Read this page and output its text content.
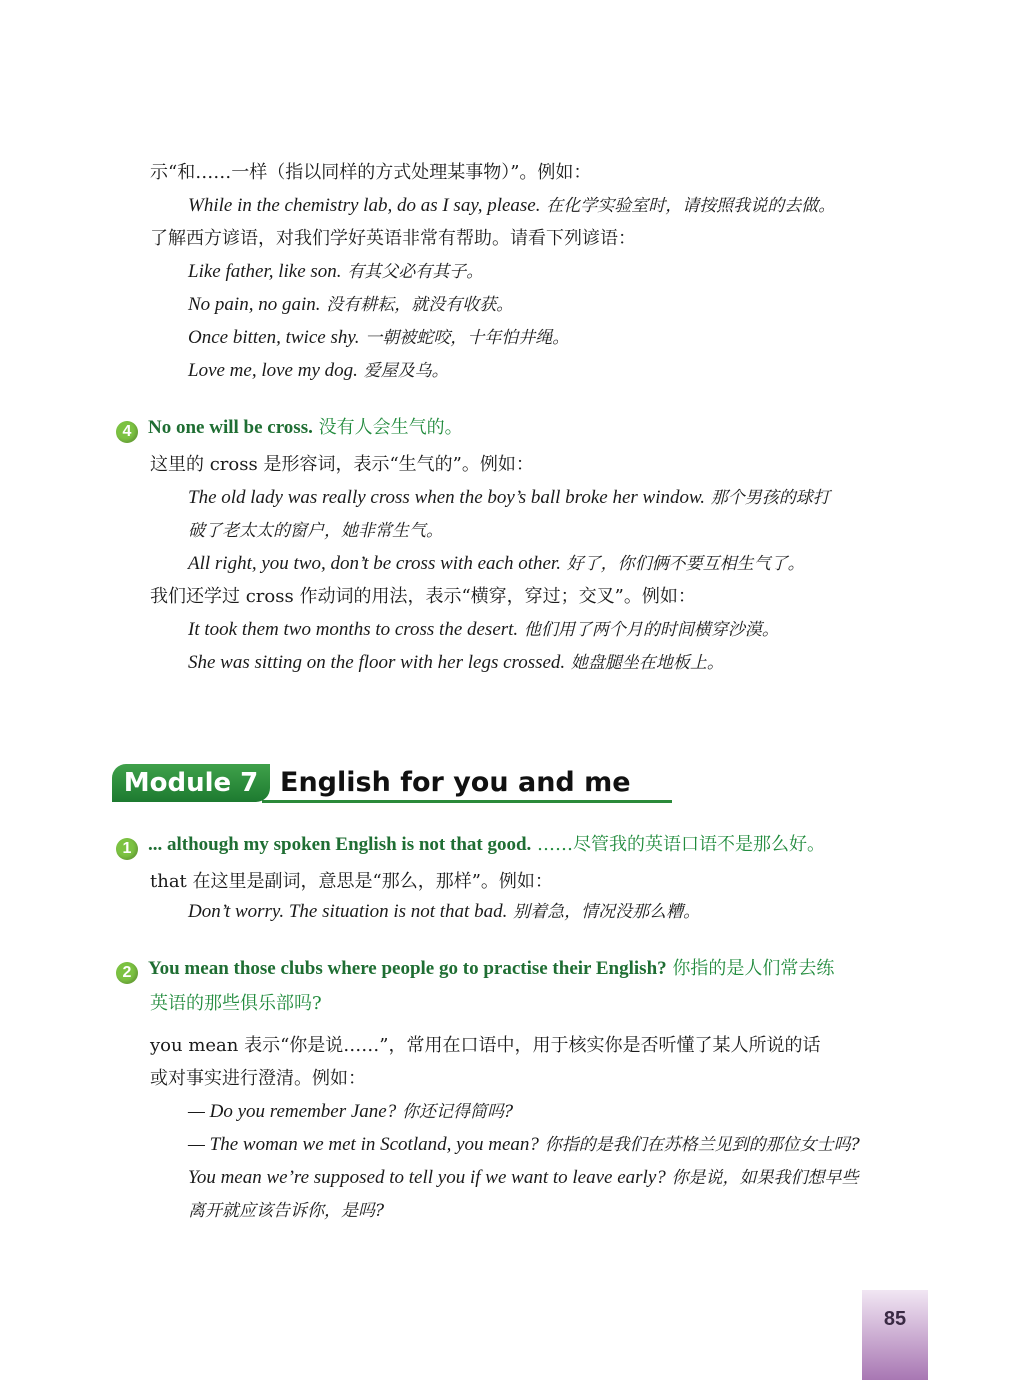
示“和……一样（指以同样的方式处理某事物）”。例如：
While in the chemistry lab, do as I say, please. 在化学实验室时，请按照我说的去做。
了解西方谚语，对我们学好英语非常有帮助。请看下列谚语：
Like father, like son. 有其父必有其子。
No pain, no gain. 没有耕耘，就没有收获。
Once bitten, twice shy. 一朝被蛇咬，十年怕井绳。
Love me, love my dog. 爱屋及乌。
4 No one will be cross. 没有人会生气的。
这里的 cross 是形容词，表示“生气的”。例如：
The old lady was really cross when the boy’s ball broke her window. 那个男孩的球打
破了老太太的窗户，她非常生气。
All right, you two, don’t be cross with each other. 好了，你们俩不要互相生气了。
我们还学过 cross 作动词的用法，表示“横穿，穿过；交叉”。例如：
It took them two months to cross the desert. 他们用了两个月的时间横穿沙漠。
She was sitting on the floor with her legs crossed. 她盘腿坐在地板上。
Module 7 English for you and me
1 ... although my spoken English is not that good. ……尽管我的英语口语不是那么好。
that 在这里是副词，意思是“那么，那样”。例如：
Don’t worry. The situation is not that bad. 别着急，情况没那么糟。
2 You mean those clubs where people go to practise their English? 你指的是人们常去练
英语的那些俱乐部吗?
you mean 表示“你是说……”，常用在口语中，用于核实你是否听懂了某人所说的话
或对事实进行澄清。例如：
— Do you remember Jane? 你还记得简吗?
— The woman we met in Scotland, you mean? 你指的是我们在苏格兰见到的那位女士吗?
You mean we’re supposed to tell you if we want to leave early? 你是说，如果我们想早些
离开就应该告诉你，是吗?
85
